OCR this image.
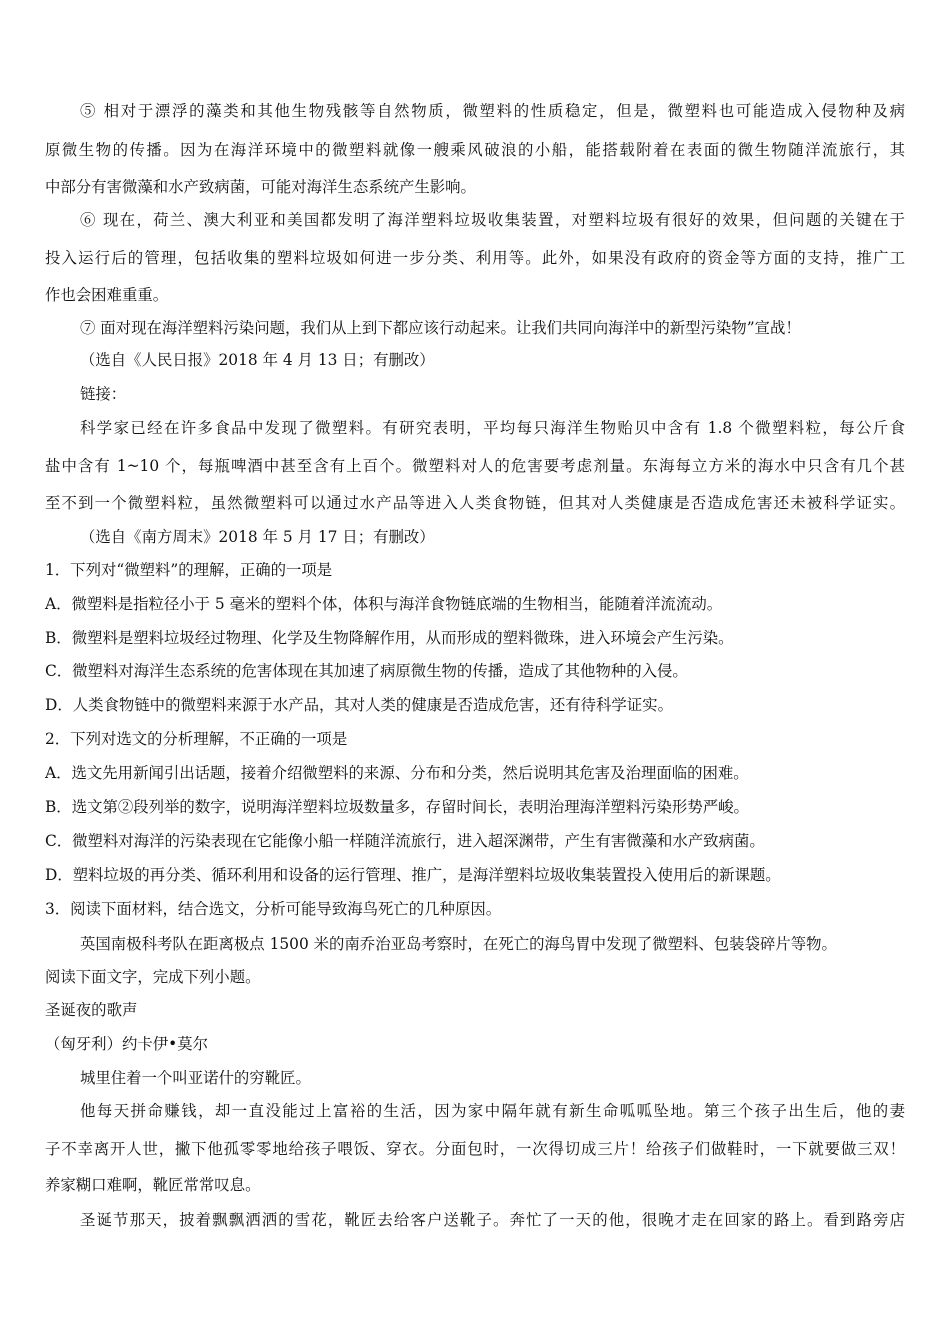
⑤ 相对于漂浮的藻类和其他生物残骸等自然物质，微塑料的性质稳定，但是，微塑料也可能造成入侵物种及病

原微生物的传播。因为在海洋环境中的微塑料就像一艘乘风破浪的小船，能搭载附着在表面的微生物随洋流旅行，其

中部分有害微藻和水产致病菌，可能对海洋生态系统产生影响。

⑥ 现在，荷兰、澳大利亚和美国都发明了海洋塑料垃圾收集装置，对塑料垃圾有很好的效果，但问题的关键在于

投入运行后的管理，包括收集的塑料垃圾如何进一步分类、利用等。此外，如果没有政府的资金等方面的支持，推广工

作也会困难重重。

⑦ 面对现在海洋塑料污染问题，我们从上到下都应该行动起来。让我们共同向海洋中的新型污染物”宣战！

（选自《人民日报》2018 年 4 月 13 日；有删改）

链接：

科学家已经在许多食品中发现了微塑料。有研究表明，平均每只海洋生物贻贝中含有 1.8 个微塑料粒，每公斤食

盐中含有 1~10 个，每瓶啤酒中甚至含有上百个。微塑料对人的危害要考虑剂量。东海每立方米的海水中只含有几个甚

至不到一个微塑料粒，虽然微塑料可以通过水产品等进入人类食物链，但其对人类健康是否造成危害还未被科学证实。

（选自《南方周末》2018 年 5 月 17 日；有删改）

1．下列对“微塑料”的理解，正确的一项是

A．微塑料是指粒径小于 5 毫米的塑料个体，体积与海洋食物链底端的生物相当，能随着洋流流动。

B．微塑料是塑料垃圾经过物理、化学及生物降解作用，从而形成的塑料微珠，进入环境会产生污染。

C．微塑料对海洋生态系统的危害体现在其加速了病原微生物的传播，造成了其他物种的入侵。

D．人类食物链中的微塑料来源于水产品，其对人类的健康是否造成危害，还有待科学证实。

2．下列对选文的分析理解，不正确的一项是

A．选文先用新闻引出话题，接着介绍微塑料的来源、分布和分类，然后说明其危害及治理面临的困难。

B．选文第②段列举的数字，说明海洋塑料垃圾数量多，存留时间长，表明治理海洋塑料污染形势严峻。

C．微塑料对海洋的污染表现在它能像小船一样随洋流旅行，进入超深渊带，产生有害微藻和水产致病菌。

D．塑料垃圾的再分类、循环利用和设备的运行管理、推广，是海洋塑料垃圾收集装置投入使用后的新课题。

3．阅读下面材料，结合选文，分析可能导致海鸟死亡的几种原因。

英国南极科考队在距离极点 1500 米的南乔治亚岛考察时，在死亡的海鸟胃中发现了微塑料、包装袋碎片等物。

阅读下面文字，完成下列小题。

圣诞夜的歌声

（匈牙利）约卡伊•莫尔

城里住着一个叫亚诺什的穷靴匠。

他每天拼命赚钱，却一直没能过上富裕的生活，因为家中隔年就有新生命呱呱坠地。第三个孩子出生后，他的妻

子不幸离开人世，撇下他孤零零地给孩子喂饭、穿衣。分面包时，一次得切成三片！给孩子们做鞋时，一下就要做三双！

养家糊口难啊，靴匠常常叹息。

圣诞节那天，披着飘飘洒洒的雪花，靴匠去给客户送靴子。奔忙了一天的他，很晚才走在回家的路上。看到路旁店
